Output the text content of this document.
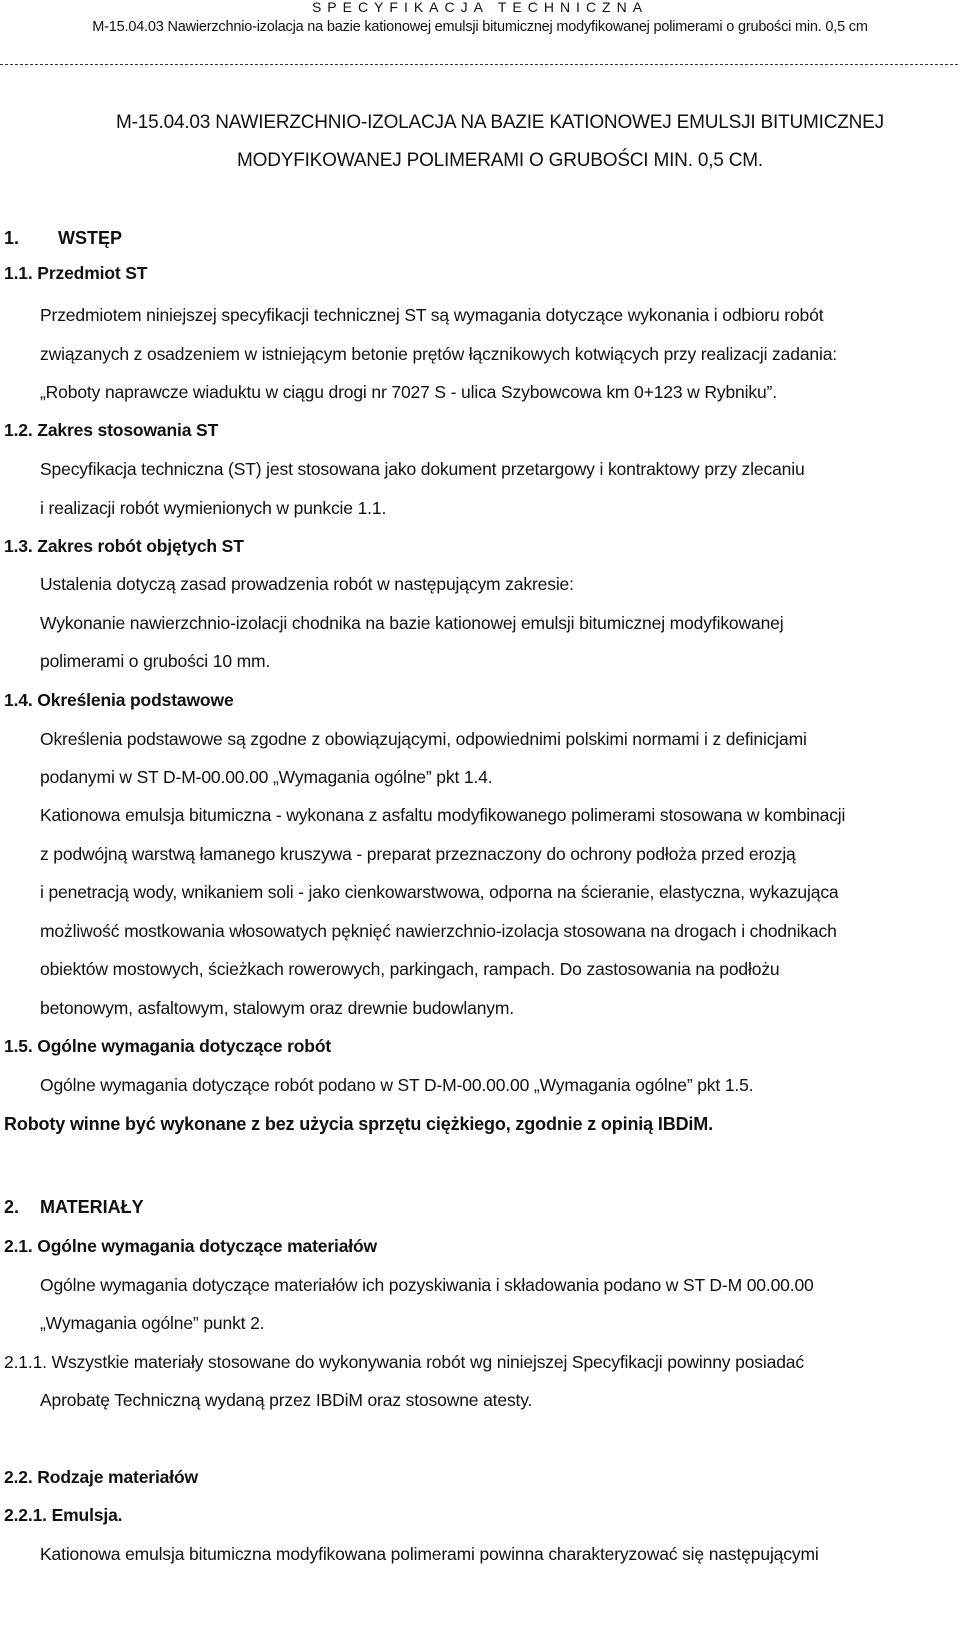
SPECYFIKACJA TECHNICZNA
M-15.04.03 Nawierzchnio-izolacja na bazie kationowej emulsji bitumicznej modyfikowanej polimerami o grubości min. 0,5 cm
M-15.04.03 NAWIERZCHNIO-IZOLACJA NA BAZIE KATIONOWEJ EMULSJI BITUMICZNEJ
MODYFIKOWANEJ POLIMERAMI O GRUBOŚCI MIN. 0,5 CM.
1. WSTĘP
1.1. Przedmiot ST
Przedmiotem niniejszej specyfikacji technicznej ST są wymagania dotyczące wykonania i odbioru robót
związanych z osadzeniem w istniejącym betonie prętów łącznikowych kotwiących przy realizacji zadania:
„Roboty naprawcze wiaduktu w ciągu drogi nr 7027 S - ulica Szybowcowa km 0+123 w Rybniku”.
1.2. Zakres stosowania ST
Specyfikacja techniczna (ST) jest stosowana jako dokument przetargowy i kontraktowy przy zlecaniu
i realizacji robót wymienionych w punkcie 1.1.
1.3. Zakres robót objętych ST
Ustalenia dotyczą zasad prowadzenia robót w następującym zakresie:
Wykonanie nawierzchnio-izolacji chodnika na bazie kationowej emulsji bitumicznej modyfikowanej
polimerami o grubości 10 mm.
1.4. Określenia podstawowe
Określenia podstawowe są zgodne z obowiązującymi, odpowiednimi polskimi normami i z definicjami
podanymi w ST D-M-00.00.00 „Wymagania ogólne” pkt 1.4.
Kationowa emulsja bitumiczna - wykonana z asfaltu modyfikowanego polimerami stosowana w kombinacji
z podwójną warstwą łamanego kruszywa - preparat przeznaczony do ochrony podłoża przed erozją
i penetracją wody, wnikaniem soli - jako cienkowarstwowa, odporna na ścieranie, elastyczna, wykazująca
możliwość mostkowania włosowatych pęknięć nawierzchnio-izolacja stosowana na drogach i chodnikach
obiektów mostowych, ścieżkach rowerowych, parkingach, rampach. Do zastosowania na podłożu
betonowym, asfaltowym, stalowym oraz drewnie budowlanym.
1.5. Ogólne wymagania dotyczące robót
Ogólne wymagania dotyczące robót podano w ST D-M-00.00.00 „Wymagania ogólne” pkt 1.5.
Roboty winne być wykonane z bez użycia sprzętu ciężkiego, zgodnie z opinią IBDiM.
2. MATERIAŁY
2.1. Ogólne wymagania dotyczące materiałów
Ogólne wymagania dotyczące materiałów ich pozyskiwania i składowania podano w ST D-M 00.00.00
„Wymagania ogólne” punkt 2.
2.1.1. Wszystkie materiały stosowane do wykonywania robót wg niniejszej Specyfikacji powinny posiadać
Aprobatę Techniczną wydaną przez IBDiM oraz stosowne atesty.
2.2. Rodzaje materiałów
2.2.1. Emulsja.
Kationowa emulsja bitumiczna modyfikowana polimerami powinna charakteryzować się następującymi
